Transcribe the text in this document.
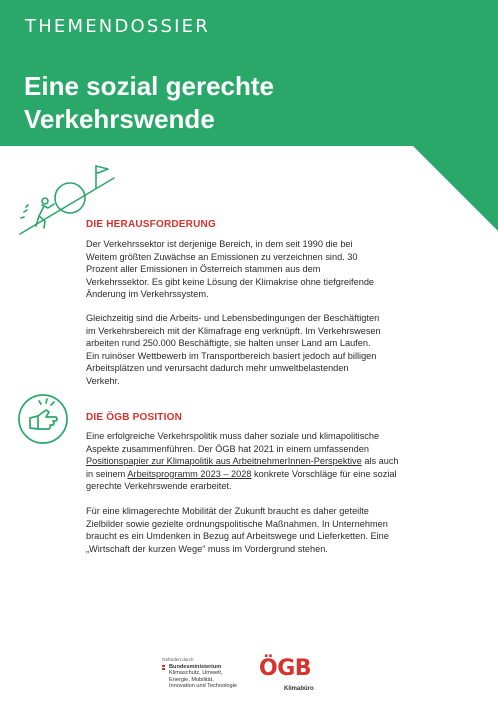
THEMENDOSSIER
Eine sozial gerechte
Verkehrswende
DIE HERAUSFORDERUNG
Der Verkehrssektor ist derjenige Bereich, in dem seit 1990 die bei
Weitem größten Zuwächse an Emissionen zu verzeichnen sind. 30
Prozent aller Emissionen in Österreich stammen aus dem
Verkehrssektor. Es gibt keine Lösung der Klimakrise ohne tiefgreifende
Änderung im Verkehrssystem.
Gleichzeitig sind die Arbeits- und Lebensbedingungen der Beschäftigten
im Verkehrsbereich mit der Klimafrage eng verknüpft. Im Verkehrswesen
arbeiten rund 250.000 Beschäftigte, sie halten unser Land am Laufen.
Ein ruinöser Wettbewerb im Transportbereich basiert jedoch auf billigen
Arbeitsplätzen und verursacht dadurch mehr umweltbelastenden
Verkehr.
DIE ÖGB POSITION
Eine erfolgreiche Verkehrspolitik muss daher soziale und klimapolitische
Aspekte zusammenführen. Der ÖGB hat 2021 in einem umfassenden
Positionspapier zur Klimapolitik aus ArbeitnehmerInnen-Perspektive als auch
in seinem Arbeitsprogramm 2023 – 2028 konkrete Vorschläge für eine sozial
gerechte Verkehrswende erarbeitet.
Für eine klimagerechte Mobilität der Zukunft braucht es daher geteilte
Zielbilder sowie gezielte ordnungspolitische Maßnahmen. In Unternehmen
braucht es ein Umdenken in Bezug auf Arbeitswege und Lieferketten. Eine
„Wirtschaft der kurzen Wege“ muss im Vordergrund stehen.
Gefördert durch
Bundesministerium
Klimaschutz, Umwelt,
Energie, Mobilität,
Innovation und Technologie
ÖGB
Klimabüro
